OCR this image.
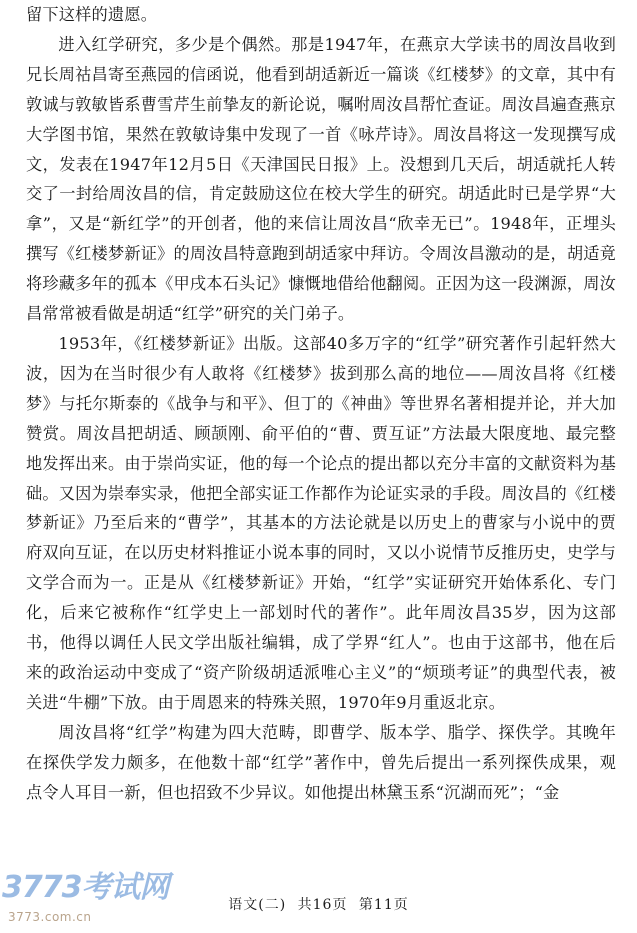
留下这样的遗愿。

进入红学研究，多少是个偶然。那是1947年，在燕京大学读书的周汝昌收到兄长周祜昌寄至燕园的信函说，他看到胡适新近一篇谈《红楼梦》的文章，其中有敦诚与敦敏皆系曹雪芹生前挚友的新论说，嘱咐周汝昌帮忙查证。周汝昌遍查燕京大学图书馆，果然在敦敏诗集中发现了一首《咏芹诗》。周汝昌将这一发现撰写成文，发表在1947年12月5日《天津国民日报》上。没想到几天后，胡适就托人转交了一封给周汝昌的信，肯定鼓励这位在校大学生的研究。胡适此时已是学界“大拿”，又是“新红学”的开创者，他的来信让周汝昌“欣幸无已”。1948年，正埋头撰写《红楼梦新证》的周汝昌特意跑到胡适家中拜访。令周汝昌激动的是，胡适竟将珍藏多年的孤本《甲戌本石头记》慷慨地借给他翻阅。正因为这一段渊源，周汝昌常常被看做是胡适“红学”研究的关门弟子。

1953年，《红楼梦新证》出版。这部40多万字的“红学”研究著作引起轩然大波，因为在当时很少有人敢将《红楼梦》拔到那么高的地位——周汝昌将《红楼梦》与托尔斯泰的《战争与和平》、但丁的《神曲》等世界名著相提并论，并大加赞赏。周汝昌把胡适、顾颉刚、俞平伯的“曹、贾互证”方法最大限度地、最完整地发挥出来。由于崇尚实证，他的每一个论点的提出都以充分丰富的文献资料为基础。又因为崇奉实录，他把全部实证工作都作为论证实录的手段。周汝昌的《红楼梦新证》乃至后来的“曹学”，其基本的方法论就是以历史上的曹家与小说中的贾府双向互证，在以历史材料推证小说本事的同时，又以小说情节反推历史，史学与文学合而为一。正是从《红楼梦新证》开始，“红学”实证研究开始体系化、专门化，后来它被称作“红学史上一部划时代的著作”。此年周汝昌35岁，因为这部书，他得以调任人民文学出版社编辑，成了学界“红人”。也由于这部书，他在后来的政治运动中变成了“资产阶级胡适派唯心主义”的“烦琐考证”的典型代表，被关进“牛棚”下放。由于周恩来的特殊关照，1970年9月重返北京。

周汝昌将“红学”构建为四大范畴，即曹学、版本学、脂学、探佚学。其晚年在探佚学发力颇多，在他数十部“红学”著作中，曾先后提出一系列探佚成果，观点令人耳目一新，但也招致不少异议。如他提出林黛玉系“沉湖而死”；“金

语文(二) 共16页 第11页
3773考试网
3773.com.cn
